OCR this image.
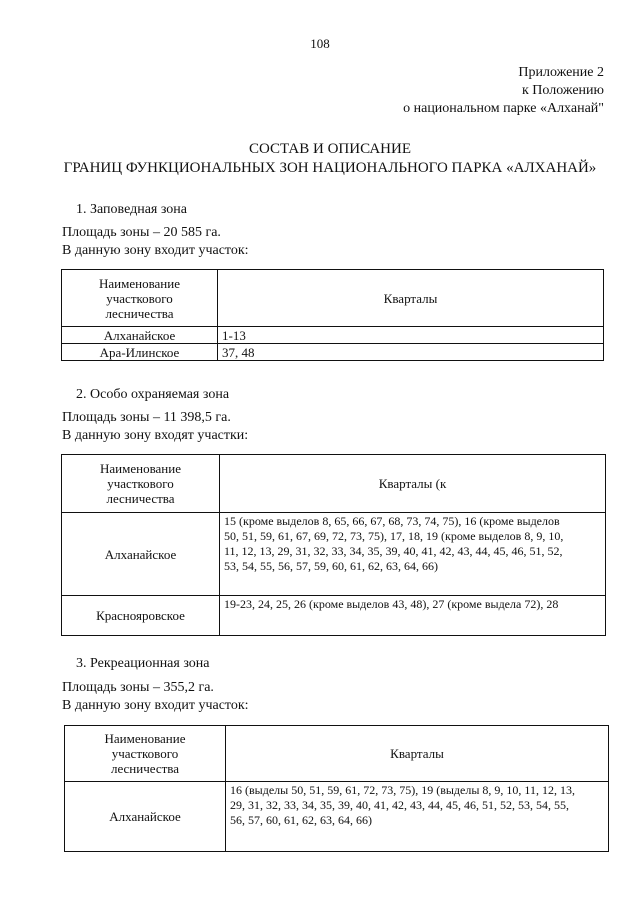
108
Приложение 2
к Положению
о национальном парке «Алханай"
СОСТАВ И ОПИСАНИЕ
ГРАНИЦ ФУНКЦИОНАЛЬНЫХ ЗОН НАЦИОНАЛЬНОГО ПАРКА «АЛХАНАЙ»
1. Заповедная зона
Площадь зоны – 20 585 га.
В данную зону входит участок:
Наименование
участкового
лесничества	Кварталы
Алханайское	1-13
Ара-Илинское	37, 48
2. Особо охраняемая зона
Площадь зоны – 11 398,5 га.
В данную зону входят участки:
Наименование
участкового
лесничества	Кварталы (к
Алханайское	15 (кроме выделов 8, 65, 66, 67, 68, 73, 74, 75), 16 (кроме выделов
50, 51, 59, 61, 67, 69, 72, 73, 75), 17, 18, 19 (кроме выделов 8, 9, 10,
11, 12, 13, 29, 31, 32, 33, 34, 35, 39, 40, 41, 42, 43, 44, 45, 46, 51, 52,
53, 54, 55, 56, 57, 59, 60, 61, 62, 63, 64, 66)

Краснояровское	19-23, 24, 25, 26 (кроме выделов 43, 48), 27 (кроме выдела 72), 28
3. Рекреационная зона
Площадь зоны – 355,2 га.
В данную зону входит участок:
Наименование
участкового
лесничества	Кварталы
Алханайское	16 (выделы 50, 51, 59, 61, 72, 73, 75), 19 (выделы 8, 9, 10, 11, 12, 13,
29, 31, 32, 33, 34, 35, 39, 40, 41, 42, 43, 44, 45, 46, 51, 52, 53, 54, 55,
56, 57, 60, 61, 62, 63, 64, 66)
